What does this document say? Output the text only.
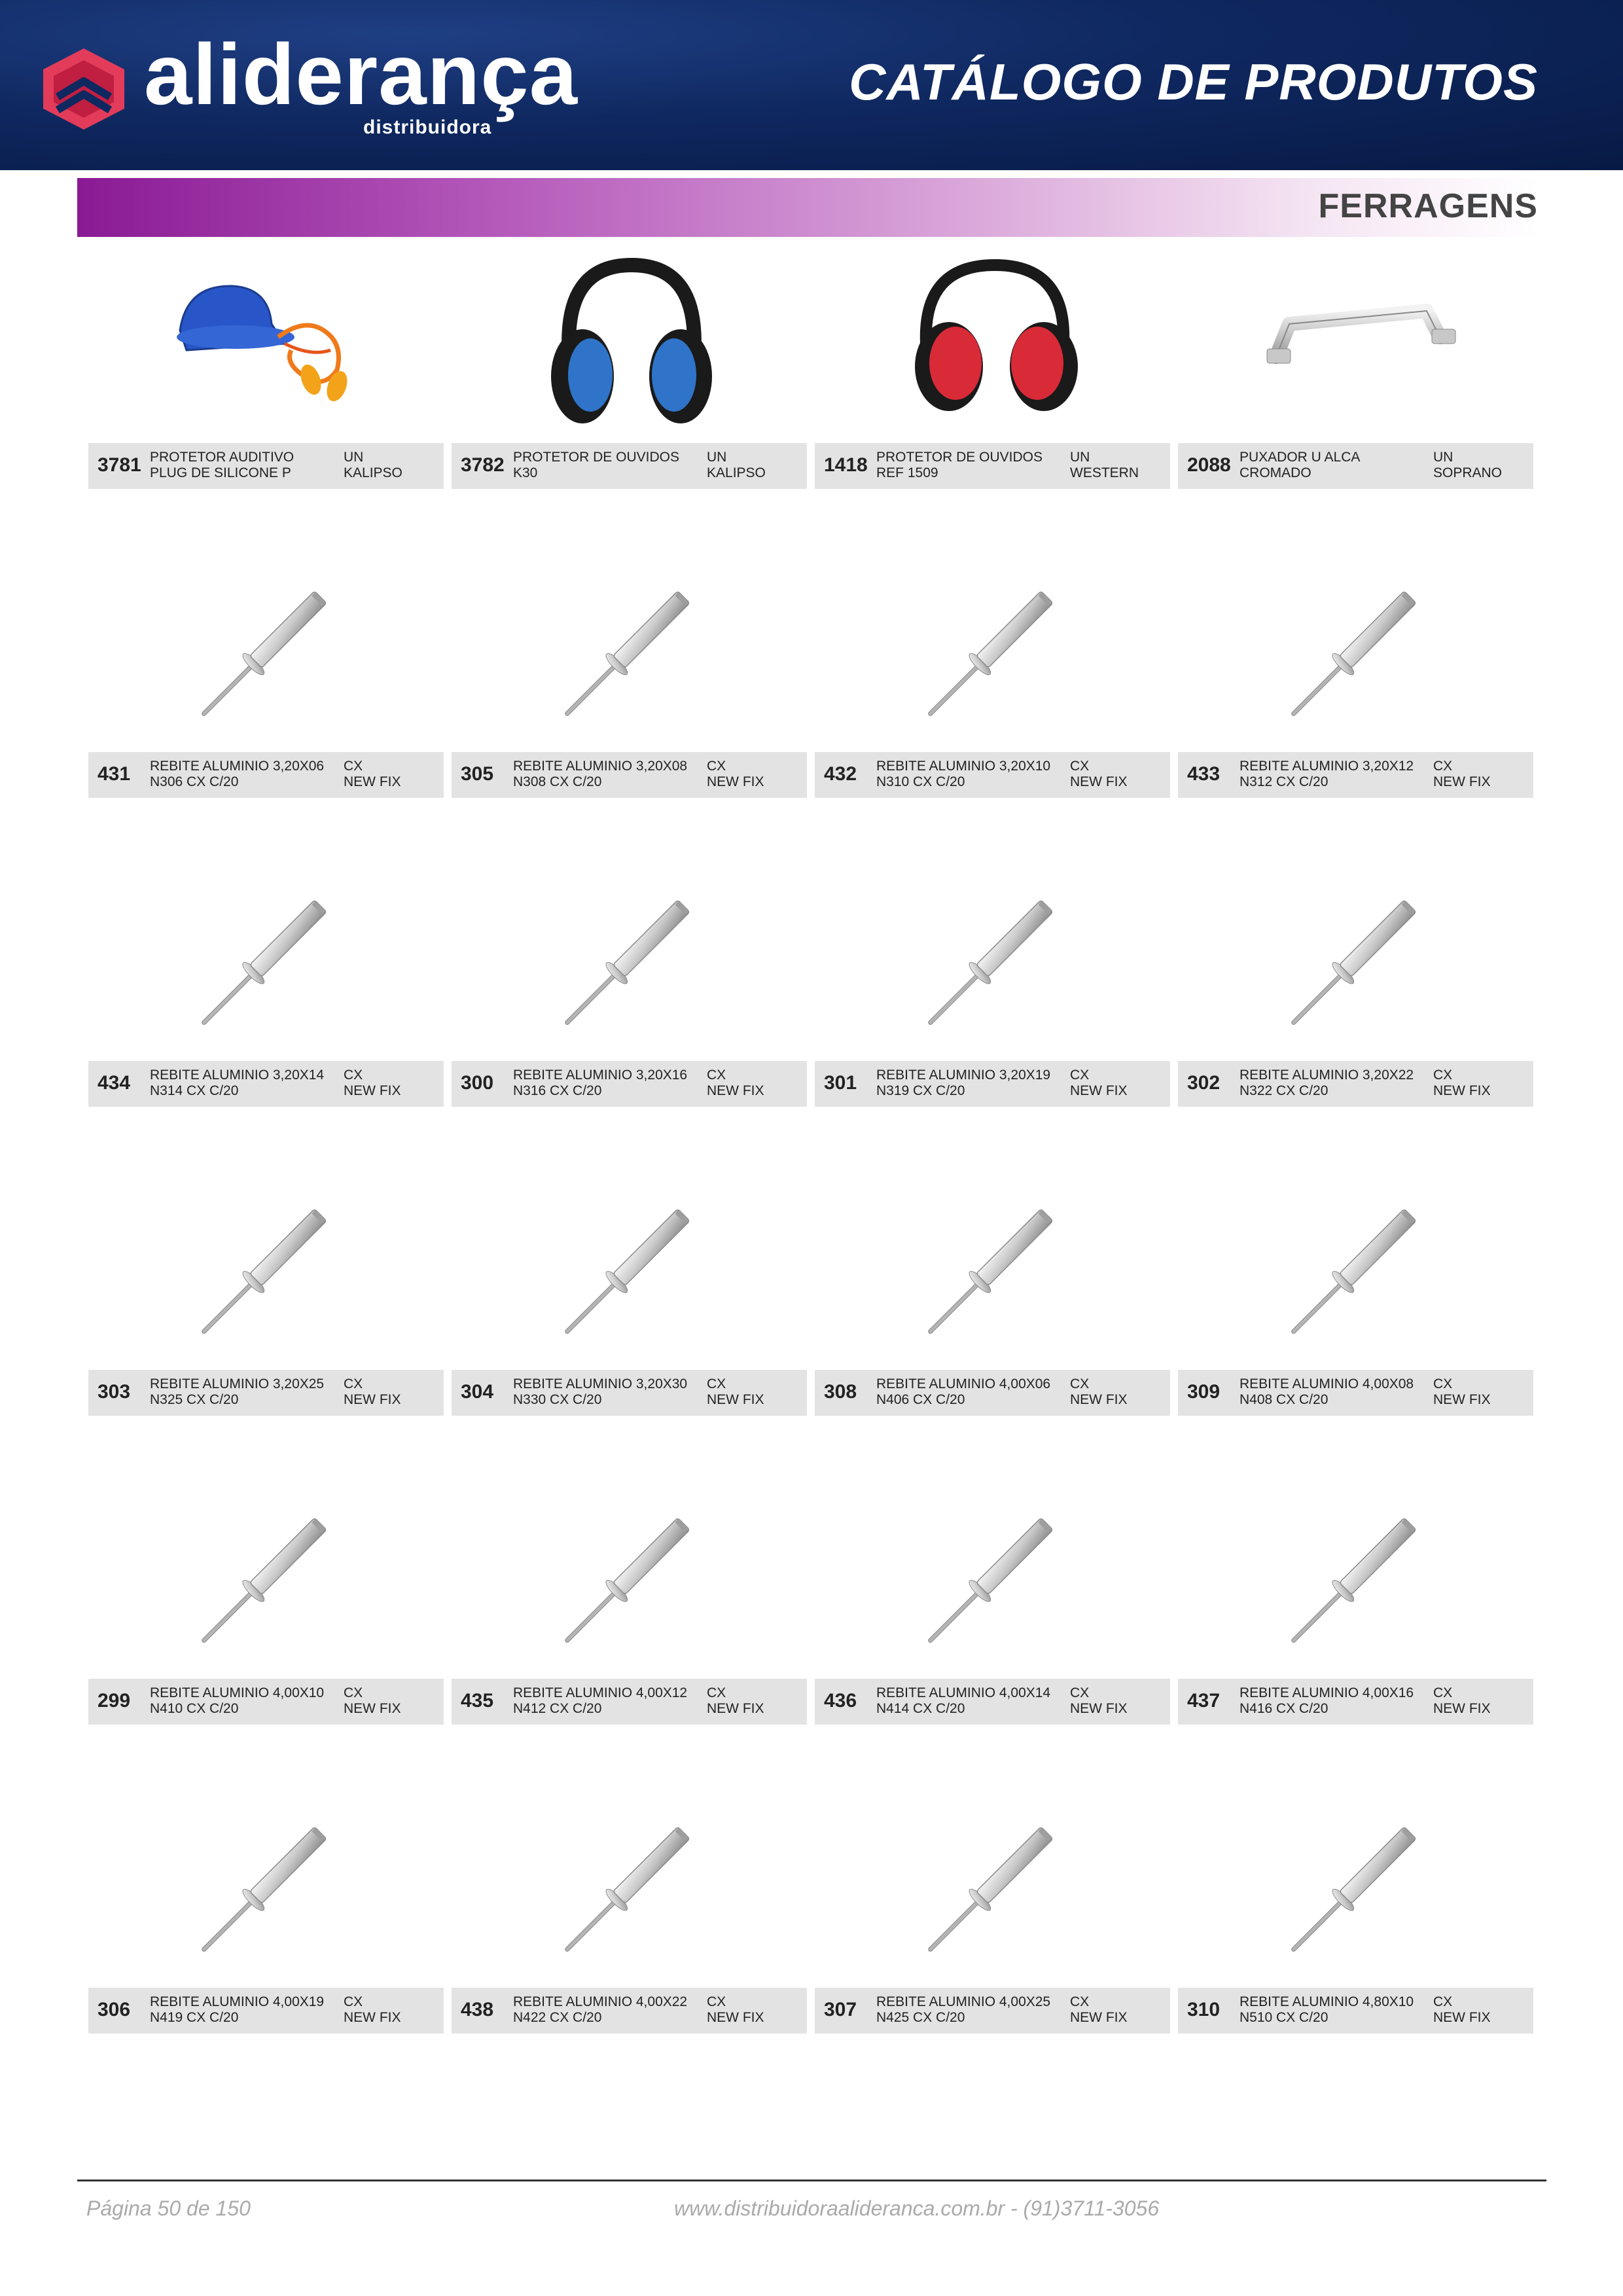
aliderança
distribuidora
CATÁLOGO DE PRODUTOS
FERRAGENS
3781 PROTETOR AUDITIVO
PLUG DE SILICONE P
UN
KALIPSO	3782 PROTETOR DE OUVIDOS
K30
UN
KALIPSO	1418 PROTETOR DE OUVIDOS
REF 1509
UN
WESTERN	2088 PUXADOR U ALCA
CROMADO
UN
SOPRANO
431 REBITE ALUMINIO 3,20X06
N306 CX C/20
CX
NEW FIX	305 REBITE ALUMINIO 3,20X08
N308 CX C/20
CX
NEW FIX	432 REBITE ALUMINIO 3,20X10
N310 CX C/20
CX
NEW FIX	433 REBITE ALUMINIO 3,20X12
N312 CX C/20
CX
NEW FIX
434 REBITE ALUMINIO 3,20X14
N314 CX C/20
CX
NEW FIX	300 REBITE ALUMINIO 3,20X16
N316 CX C/20
CX
NEW FIX	301 REBITE ALUMINIO 3,20X19
N319 CX C/20
CX
NEW FIX	302 REBITE ALUMINIO 3,20X22
N322 CX C/20
CX
NEW FIX
303 REBITE ALUMINIO 3,20X25
N325 CX C/20
CX
NEW FIX	304 REBITE ALUMINIO 3,20X30
N330 CX C/20
CX
NEW FIX	308 REBITE ALUMINIO 4,00X06
N406 CX C/20
CX
NEW FIX	309 REBITE ALUMINIO 4,00X08
N408 CX C/20
CX
NEW FIX
299 REBITE ALUMINIO 4,00X10
N410 CX C/20
CX
NEW FIX	435 REBITE ALUMINIO 4,00X12
N412 CX C/20
CX
NEW FIX	436 REBITE ALUMINIO 4,00X14
N414 CX C/20
CX
NEW FIX	437 REBITE ALUMINIO 4,00X16
N416 CX C/20
CX
NEW FIX
306 REBITE ALUMINIO 4,00X19
N419 CX C/20
CX
NEW FIX	438 REBITE ALUMINIO 4,00X22
N422 CX C/20
CX
NEW FIX	307 REBITE ALUMINIO 4,00X25
N425 CX C/20
CX
NEW FIX	310 REBITE ALUMINIO 4,80X10
N510 CX C/20
CX
NEW FIX
Página 50 de 150	www.distribuidoraalideranca.com.br - (91)3711-3056
